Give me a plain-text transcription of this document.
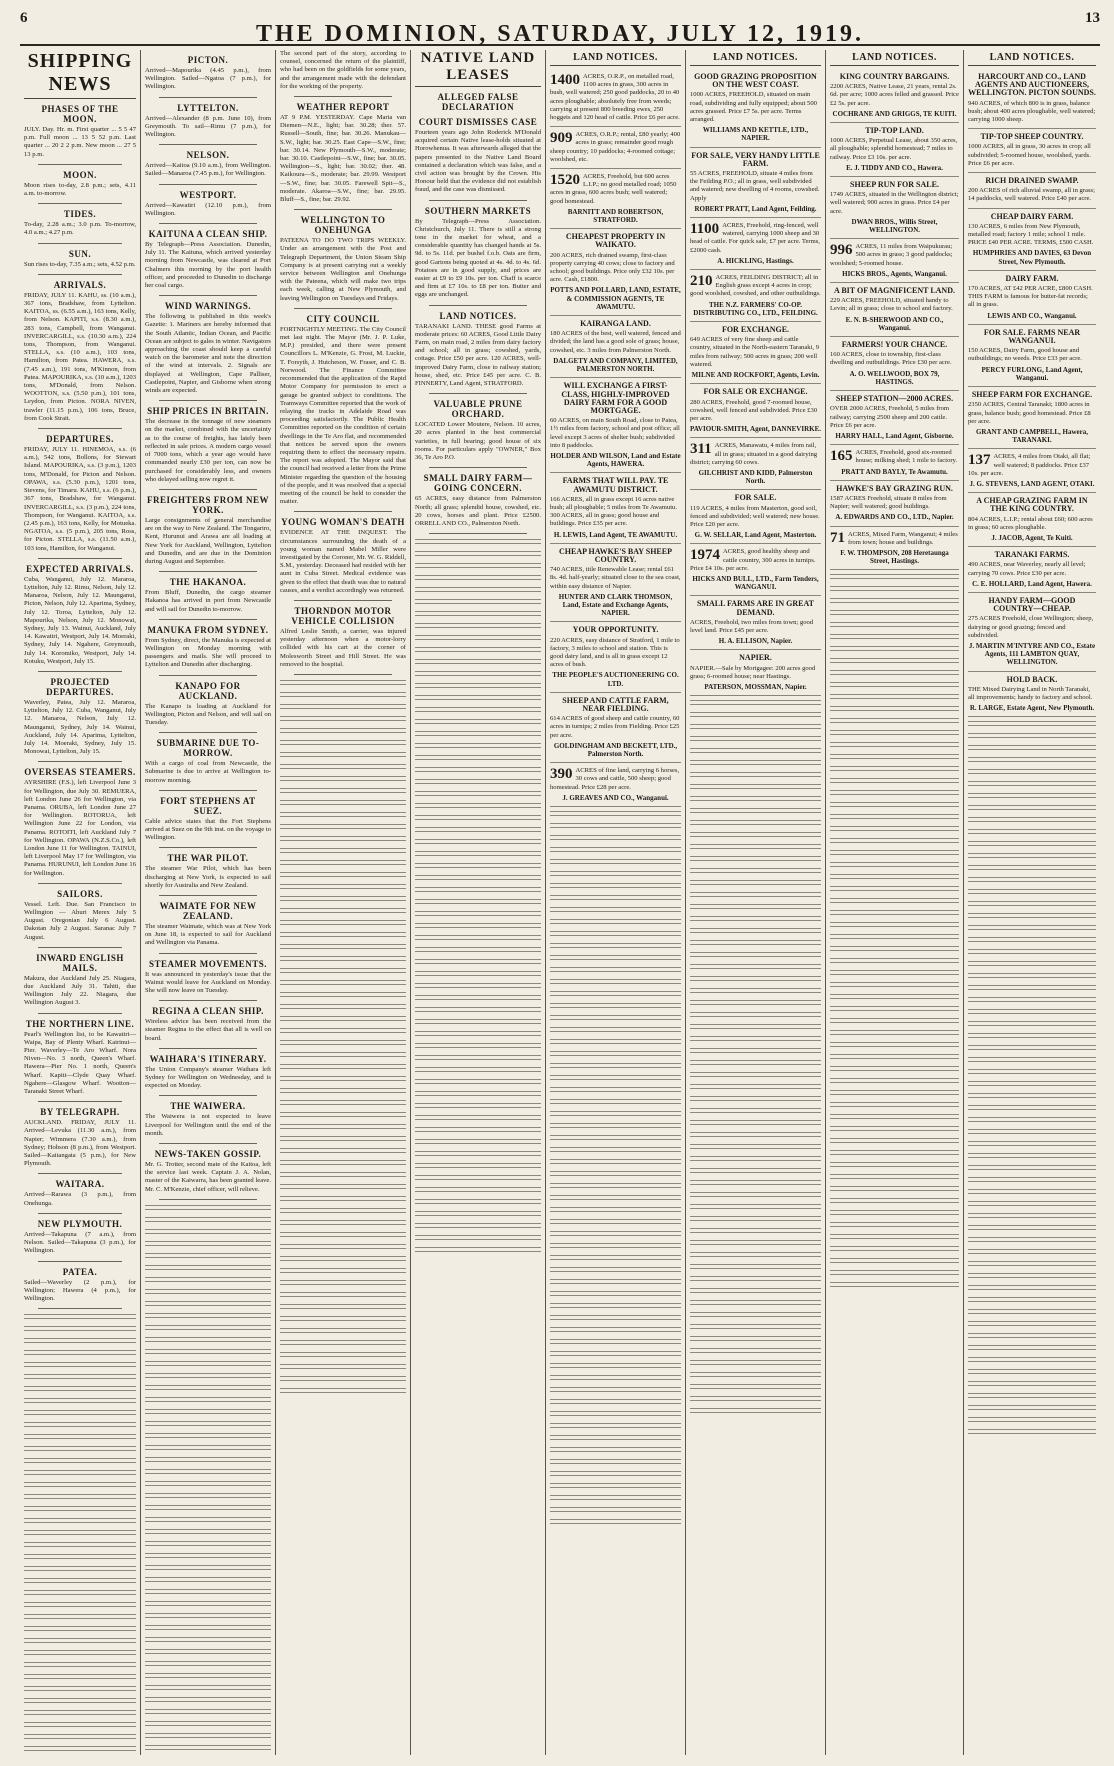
6
THE DOMINION, SATURDAY, JULY 12, 1919.
13
SHIPPING NEWS
PHASES OF THE MOON.

JULY. Day. Hr. m. First quarter ... 5 5 47 p.m. Full moon ... 13 5 52 p.m. Last quarter ... 20 2 2 p.m. New moon ... 27 5 13 p.m.

MOON.

Moon rises to-day, 2.8 p.m.; sets, 4.11 a.m. to-morrow.

TIDES.

To-day, 2.28 a.m.; 3.0 p.m. To-morrow, 4.0 a.m.; 4.27 p.m.

SUN.

Sun rises to-day, 7.35 a.m.; sets, 4.52 p.m.

ARRIVALS.

FRIDAY, JULY 11. KAHU, ss. (10 a.m.), 367 tons, Bradshaw, from Lyttelton. KAITOA, ss. (6.55 a.m.), 163 tons, Kelly, from Nelson. KAPITI, s.s. (8.30 a.m.), 283 tons, Campbell, from Wanganui. INVERCARGILL, s.s. (10.30 a.m.), 224 tons, Thompson, from Wanganui. STELLA, s.s. (10 a.m.), 103 tons, Hamilton, from Patea. HAWERA, s.s. (7.45 a.m.), 191 tons, M'Kinnon, from Patea. MAPOURIKA, s.s. (10 a.m.), 1203 tons, M'Donald, from Nelson. WOOTTON, s.s. (5.50 p.m.), 101 tons, Leydon, from Picton. NORA NIVEN, trawler (11.15 p.m.), 106 tons, Bruce, from Cook Strait.

DEPARTURES.

FRIDAY, JULY 11. HINEMOA, s.s. (6 a.m.), 542 tons, Bollons, for Stewart Island. MAPOURIKA, s.s. (3 p.m.), 1203 tons, M'Donald, for Picton and Nelson. OPAWA, s.s. (5.30 p.m.), 1201 tons, Stevens, for Timaru. KAHU, s.s. (6 p.m.), 367 tons, Bradshaw, for Wanganui. INVERCARGILL, s.s. (3 p.m.), 224 tons, Thompson, for Wanganui. KAITOA, s.s. (2.45 p.m.), 163 tons, Kelly, for Motueka. NGATOA, s.s. (5 p.m.), 205 tons, Ross, for Picton. STELLA, s.s. (11.50 a.m.), 103 tons, Hamilton, for Wanganui.

EXPECTED ARRIVALS.

Cuba, Wanganui, July 12. Mararoa, Lyttelton, July 12. Rimu, Nelson, July 12. Manaroa, Nelson, July 12. Maunganui, Picton, Nelson, July 12. Aparima, Sydney, July 12. Toroa, Lyttelton, July 12. Mapourika, Nelson, July 12. Monowai, Sydney, July 13. Wainui, Auckland, July 14. Kawatiri, Westport, July 14. Moeraki, Sydney, July 14. Ngahere, Greymouth, July 14. Koromiko, Westport, July 14. Kotuku, Westport, July 15.

PROJECTED DEPARTURES.

Waverley, Patea, July 12. Mararoa, Lyttelton, July 12. Cuba, Wanganui, July 12. Manaroa, Nelson, July 12. Maunganui, Sydney, July 14. Wainui, Auckland, July 14. Aparima, Lyttelton, July 14. Moeraki, Sydney, July 15. Monowai, Lyttelton, July 15.

OVERSEAS STEAMERS.

AYRSHIRE (F.S.), left Liverpool June 3 for Wellington, due July 30. REMUERA, left London June 26 for Wellington, via Panama. ORUBA, left London June 27 for Wellington. ROTORUA, left Wellington June 22 for London, via Panama. ROTOITI, left Auckland July 7 for Wellington. OPAWA (N.Z.S.Co.), left London June 11 for Wellington. TAINUI, left Liverpool May 17 for Wellington, via Panama. HURUNUI, left London June 16 for Wellington.

SAILORS.

Vessel. Left. Due. San Francisco to Wellington — Ahuri Merex July 5 August. Oregonian July 6 August. Dakotan July 2 August. Saranac July 7 August.

INWARD ENGLISH MAILS.

Makura, due Auckland July 25. Niagara, due Auckland July 31. Tahiti, due Wellington July 22. Niagara, due Wellington August 3.

THE NORTHERN LINE.

Pearl's Wellington list, to be Kawatiri—Waipa, Bay of Plenty Wharf. Kairinui—Pier. Waverley—Te Aro Wharf. Nora Niven—No. 3 north, Queen's Wharf. Hawera—Pier No. 1 north, Queen's Wharf. Kapiti—Clyde Quay Wharf. Ngahere—Glasgow Wharf. Wootton—Taranaki Street Wharf.

BY TELEGRAPH.

AUCKLAND. FRIDAY, JULY 11. Arrived—Levuka (11.30 a.m.), from Napier; Wimmera (7.30 a.m.), from Sydney; Hobson (8 p.m.), from Westport. Sailed—Kaitangata (5 p.m.), for New Plymouth.

WAITARA.

Arrived—Rarawa (3 p.m.), from Onehunga.

NEW PLYMOUTH.

Arrived—Takapuna (7 a.m.), from Nelson. Sailed—Takapuna (3 p.m.), for Wellington.

PATEA.

Sailed—Waverley (2 p.m.), for Wellington; Hawera (4 p.m.), for Wellington.

PICTON.

Arrived—Mapourika (4.45 p.m.), from Wellington. Sailed—Ngatoa (7 p.m.), for Wellington.

LYTTELTON.

Arrived—Alexander (8 p.m. June 10), from Greymouth. To sail—Rimu (7 p.m.), for Wellington.

NELSON.

Arrived—Kaitoa (9.10 a.m.), from Wellington. Sailed—Manaroa (7.45 p.m.), for Wellington.

WESTPORT.

Arrived—Kawatiri (12.10 p.m.), from Wellington.

KAITUNA A CLEAN SHIP.

By Telegraph—Press Association. Dunedin, July 11. The Kaituna, which arrived yesterday morning from Newcastle, was cleared at Port Chalmers this morning by the port health officer, and proceeded to Dunedin to discharge her coal cargo.

WIND WARNINGS.

The following is published in this week's Gazette: 1. Mariners are hereby informed that the South Atlantic, Indian Ocean, and Pacific Ocean are subject to gales in winter. Navigators approaching the coast should keep a careful watch on the barometer and note the direction of the wind at intervals. 2. Signals are displayed at Wellington, Cape Palliser, Castlepoint, Napier, and Gisborne when strong winds are expected.

SHIP PRICES IN BRITAIN.

The decrease in the tonnage of new steamers on the market, combined with the uncertainty as to the course of freights, has lately been reflected in sale prices. A modern cargo vessel of 7000 tons, which a year ago would have commanded nearly £30 per ton, can now be purchased for considerably less, and owners who delayed selling now regret it.

FREIGHTERS FROM NEW YORK.

Large consignments of general merchandise are on the way to New Zealand. The Tongariro, Kent, Hurunui and Arawa are all loading at New York for Auckland, Wellington, Lyttelton and Dunedin, and are due in the Dominion during August and September.

THE HAKANOA.

From Bluff, Dunedin, the cargo steamer Hakanoa has arrived in port from Newcastle and will sail for Dunedin to-morrow.

MANUKA FROM SYDNEY.

From Sydney, direct, the Manuka is expected at Wellington on Monday morning with passengers and mails. She will proceed to Lyttelton and Dunedin after discharging.

KANAPO FOR AUCKLAND.

The Kanapo is loading at Auckland for Wellington, Picton and Nelson, and will sail on Tuesday.

SUBMARINE DUE TO-MORROW.

With a cargo of coal from Newcastle, the Submarine is due to arrive at Wellington to-morrow morning.

FORT STEPHENS AT SUEZ.

Cable advice states that the Fort Stephens arrived at Suez on the 9th inst. on the voyage to Wellington.

THE WAR PILOT.

The steamer War Pilot, which has been discharging at New York, is expected to sail shortly for Australia and New Zealand.

WAIMATE FOR NEW ZEALAND.

The steamer Waimate, which was at New York on June 18, is expected to sail for Auckland and Wellington via Panama.

STEAMER MOVEMENTS.

It was announced in yesterday's issue that the Wainui would leave for Auckland on Monday. She will now leave on Tuesday.

REGINA A CLEAN SHIP.

Wireless advice has been received from the steamer Regina to the effect that all is well on board.

WAIHARA'S ITINERARY.

The Union Company's steamer Waihara left Sydney for Wellington on Wednesday, and is expected on Monday.

THE WAIWERA.

The Waiwera is not expected to leave Liverpool for Wellington until the end of the month.

NEWS-TAKEN GOSSIP.

Mr. G. Trotter, second mate of the Kaitoa, left the service last week. Captain J. A. Nolan, master of the Kaiwarra, has been granted leave. Mr. C. M'Kenzie, chief officer, will relieve.

The second part of the story, according to counsel, concerned the return of the plaintiff, who had been on the goldfields for some years, and the arrangement made with the defendant for the working of the property.

WEATHER REPORT

AT 9 P.M. YESTERDAY. Cape Maria van Diemen—N.E., light; bar. 30.28; ther. 57. Russell—South, fine; bar. 30.26. Manukau—S.W., light; bar. 30.25. East Cape—S.W., fine; bar. 30.14. New Plymouth—S.W., moderate; bar. 30.10. Castlepoint—S.W., fine; bar. 30.05. Wellington—S., light; bar. 30.02; ther. 48. Kaikoura—S., moderate; bar. 29.99. Westport—S.W., fine; bar. 30.05. Farewell Spit—S., moderate. Akaroa—S.W., fine; bar. 29.95. Bluff—S., fine; bar. 29.92.

WELLINGTON TO ONEHUNGA

PATEENA TO DO TWO TRIPS WEEKLY. Under an arrangement with the Post and Telegraph Department, the Union Steam Ship Company is at present carrying out a weekly service between Wellington and Onehunga with the Pateena, which will make two trips each week, calling at New Plymouth, and leaving Wellington on Tuesdays and Fridays.

CITY COUNCIL

FORTNIGHTLY MEETING. The City Council met last night. The Mayor (Mr. J. P. Luke, M.P.) presided, and there were present Councillors L. M'Kenzie, G. Frost, M. Luckie, T. Forsyth, J. Hutcheson, W. Fraser, and C. B. Norwood. The Finance Committee recommended that the application of the Rapid Motor Company for permission to erect a garage be granted subject to conditions. The Tramways Committee reported that the work of relaying the tracks in Adelaide Road was proceeding satisfactorily. The Public Health Committee reported on the condition of certain dwellings in the Te Aro flat, and recommended that notices be served upon the owners requiring them to effect the necessary repairs. The report was adopted. The Mayor said that the council had received a letter from the Prime Minister regarding the question of the housing of the people, and it was resolved that a special meeting of the council be held to consider the matter.

YOUNG WOMAN'S DEATH

EVIDENCE AT THE INQUEST. The circumstances surrounding the death of a young woman named Mabel Miller were investigated by the Coroner, Mr. W. G. Riddell, S.M., yesterday. Deceased had resided with her aunt in Cuba Street. Medical evidence was given to the effect that death was due to natural causes, and a verdict accordingly was returned.

THORNDON MOTOR VEHICLE COLLISION

Alfred Leslie Smith, a carrier, was injured yesterday afternoon when a motor-lorry collided with his cart at the corner of Molesworth Street and Hill Street. He was removed to the hospital.

NATIVE LAND LEASES
ALLEGED FALSE DECLARATION
COURT DISMISSES CASE

Fourteen years ago John Roderick M'Donald acquired certain Native lease-holds situated at Horowhenua. It was afterwards alleged that the papers presented to the Native Land Board contained a declaration which was false, and a civil action was brought by the Crown. His Honour held that the evidence did not establish fraud, and the case was dismissed.

SOUTHERN MARKETS

By Telegraph—Press Association. Christchurch, July 11. There is still a strong tone in the market for wheat, and a considerable quantity has changed hands at 5s. 9d. to 5s. 11d. per bushel f.o.b. Oats are firm, good Gartons being quoted at 4s. 4d. to 4s. 6d. Potatoes are in good supply, and prices are easier at £9 to £9 10s. per ton. Chaff is scarce and firm at £7 10s. to £8 per ton. Butter and eggs are unchanged.

LAND NOTICES.

TARANAKI LAND. THESE good Farms at moderate prices: 60 ACRES, Good Little Dairy Farm, on main road, 2 miles from dairy factory and school; all in grass; cowshed, yards, cottage. Price £50 per acre. 120 ACRES, well-improved Dairy Farm, close to railway station; house, shed, etc. Price £45 per acre. C. B. FINNERTY, Land Agent, STRATFORD.

VALUABLE PRUNE ORCHARD.

LOCATED Lower Moutere, Nelson. 10 acres, 20 acres planted in the best commercial varieties, in full bearing; good house of six rooms. For particulars apply "OWNER," Box 36, Te Aro P.O.

SMALL DAIRY FARM—GOING CONCERN.

65 ACRES, easy distance from Palmerston North; all grass; splendid house, cowshed, etc. 20 cows, horses and plant. Price £2500. ORRELL AND CO., Palmerston North.

LAND NOTICES.
1400 ACRES, O.R.P., on metalled road, 1100 acres in grass, 300 acres in bush, well watered; 250 good paddocks, 20 to 40 acres ploughable; absolutely free from weeds; carrying at present 800 breeding ewes, 250 hoggets and 120 head of cattle. Price £6 per acre.
909 ACRES, O.R.P.; rental, £80 yearly; 400 acres in grass; remainder good rough sheep country; 10 paddocks; 4-roomed cottage; woolshed, etc.
1520 ACRES, Freehold, but 600 acres L.I.P.; no good metalled road; 1050 acres in grass, 600 acres bush; well watered; good homestead.
BARNITT AND ROBERTSON, STRATFORD.
CHEAPEST PROPERTY IN WAIKATO.
200 ACRES, rich drained swamp, first-class property carrying 40 cows; close to factory and school; good buildings. Price only £32 10s. per acre. Cash, £1800.
POTTS AND POLLARD, LAND, ESTATE, & COMMISSION AGENTS, TE AWAMUTU.
KAIRANGA LAND.
180 ACRES of the best, well watered, fenced and divided; the land has a good sole of grass; house, cowshed, etc. 3 miles from Palmerston North.
DALGETY AND COMPANY, LIMITED, PALMERSTON NORTH.
WILL EXCHANGE A FIRST-CLASS, HIGHLY-IMPROVED DAIRY FARM FOR A GOOD MORTGAGE.
60 ACRES, on main South Road, close to Patea, 1½ miles from factory, school and post office; all level except 3 acres of shelter bush; subdivided into 8 paddocks.
HOLDER AND WILSON, Land and Estate Agents, HAWERA.
FARMS THAT WILL PAY. TE AWAMUTU DISTRICT.
166 ACRES, all in grass except 16 acres native bush; all ploughable; 5 miles from Te Awamutu. 300 ACRES, all in grass; good house and buildings. Price £35 per acre.
H. LEWIS, Land Agent, TE AWAMUTU.
CHEAP HAWKE'S BAY SHEEP COUNTRY.
740 ACRES, title Renewable Lease; rental £61 8s. 4d. half-yearly; situated close to the sea coast, within easy distance of Napier.
HUNTER AND CLARK THOMSON, Land, Estate and Exchange Agents, NAPIER.
YOUR OPPORTUNITY.
220 ACRES, easy distance of Stratford, 1 mile to factory, 3 miles to school and station. This is good dairy land, and is all in grass except 12 acres of bush.
THE PEOPLE'S AUCTIONEERING CO. LTD.
SHEEP AND CATTLE FARM, NEAR FIELDING.
614 ACRES of good sheep and cattle country, 60 acres in turnips; 2 miles from Fielding. Price £25 per acre.
GOLDINGHAM AND BECKETT, LTD., Palmerston North.
390 ACRES of fine land, carrying 6 horses, 30 cows and cattle, 500 sheep; good homestead. Price £28 per acre.
J. GREAVES AND CO., Wanganui.
LAND NOTICES.
GOOD GRAZING PROPOSITION ON THE WEST COAST.
1000 ACRES, FREEHOLD, situated on main road, subdividing and fully equipped; about 500 acres grassed. Price £7 5s. per acre. Terms arranged.
WILLIAMS AND KETTLE, LTD., NAPIER.
FOR SALE, VERY HANDY LITTLE FARM.
55 ACRES, FREEHOLD, situate 4 miles from the Feilding P.O.; all in grass, well subdivided and watered; new dwelling of 4 rooms, cowshed. Apply
ROBERT PRATT, Land Agent, Feilding.
1100 ACRES, Freehold, ring-fenced, well watered, carrying 1000 sheep and 30 head of cattle. For quick sale, £7 per acre. Terms, £2000 cash.
A. HICKLING, Hastings.
210 ACRES, FEILDING DISTRICT; all in English grass except 4 acres in crop; good woolshed, cowshed, and other outbuildings.
THE N.Z. FARMERS' CO-OP. DISTRIBUTING CO., LTD., FEILDING.
FOR EXCHANGE.
649 ACRES of very fine sheep and cattle country, situated in the North-eastern Taranaki, 9 miles from railway; 500 acres in grass; 200 well watered.
MILNE AND ROCKFORT, Agents, Levin.
FOR SALE OR EXCHANGE.
280 ACRES, Freehold, good 7-roomed house, cowshed, well fenced and subdivided. Price £30 per acre.
PAVIOUR-SMITH, Agent, DANNEVIRKE.
311 ACRES, Manawatu, 4 miles from rail, all in grass; situated in a good dairying district; carrying 60 cows.
GILCHRIST AND KIDD, Palmerston North.
FOR SALE.
119 ACRES, 4 miles from Masterton, good soil, fenced and subdivided; well watered; new house. Price £20 per acre.
G. W. SELLAR, Land Agent, Masterton.
1974 ACRES, good healthy sheep and cattle country, 300 acres in turnips. Price £4 10s. per acre.
HICKS AND BULL, LTD., Farm Tenders, WANGANUI.
SMALL FARMS ARE IN GREAT DEMAND.
ACRES, Freehold, two miles from town; good level land. Price £45 per acre.
H. A. ELLISON, Napier.
NAPIER.
NAPIER.—Sale by Mortgagee: 200 acres good grass; 6-roomed house; near Hastings.
PATERSON, MOSSMAN, Napier.
LAND NOTICES.
KING COUNTRY BARGAINS.
2200 ACRES, Native Lease, 21 years, rental 2s. 6d. per acre; 1000 acres felled and grassed. Price £2 5s. per acre.
COCHRANE AND GRIGGS, TE KUITI.
TIP-TOP LAND.
1000 ACRES, Perpetual Lease, about 350 acres, all ploughable; splendid homestead; 7 miles to railway. Price £3 10s. per acre.
E. J. TIDDY AND CO., Hawera.
SHEEP RUN FOR SALE.
1749 ACRES, situated in the Wellington district; well watered; 900 acres in grass. Price £4 per acre.
DWAN BROS., Willis Street, WELLINGTON.
996 ACRES, 11 miles from Waipukurau; 500 acres in grass; 3 good paddocks; woolshed; 5-roomed house.
HICKS BROS., Agents, Wanganui.
A BIT OF MAGNIFICENT LAND.
229 ACRES, FREEHOLD, situated handy to Levin; all in grass; close to school and factory.
E. N. B-SHERWOOD AND CO., Wanganui.
FARMERS! YOUR CHANCE.
160 ACRES, close to township, first-class dwelling and outbuildings. Price £30 per acre.
A. O. WELLWOOD, BOX 79, HASTINGS.
SHEEP STATION—2000 ACRES.
OVER 2000 ACRES, Freehold, 5 miles from railway; carrying 2500 sheep and 200 cattle. Price £6 per acre.
HARRY HALL, Land Agent, Gisborne.
165 ACRES, Freehold, good six-roomed house; milking shed; 1 mile to factory.
PRATT AND BAYLY, Te Awamutu.
HAWKE'S BAY GRAZING RUN.
1587 ACRES Freehold, situate 8 miles from Napier; well watered; good buildings.
A. EDWARDS AND CO., LTD., Napier.
71 ACRES, Mixed Farm, Wanganui; 4 miles from town; house and buildings.
F. W. THOMPSON, 208 Heretaunga Street, Hastings.
LAND NOTICES.
HARCOURT AND CO., LAND AGENTS AND AUCTIONEERS, WELLINGTON. PICTON SOUNDS.
940 ACRES, of which 800 is in grass, balance bush; about 400 acres ploughable, well watered; carrying 1000 sheep.
TIP-TOP SHEEP COUNTRY.
1000 ACRES, all in grass, 30 acres in crop; all subdivided; 5-roomed house, woolshed, yards. Price £6 per acre.
RICH DRAINED SWAMP.
200 ACRES of rich alluvial swamp, all in grass; 14 paddocks, well watered. Price £40 per acre.
CHEAP DAIRY FARM.
130 ACRES, 6 miles from New Plymouth, metalled road; factory 1 mile; school 1 mile. PRICE £40 PER ACRE. TERMS, £500 CASH.
HUMPHRIES AND DAVIES, 63 Devon Street, New Plymouth.
DAIRY FARM.
170 ACRES, AT £42 PER ACRE, £800 CASH. THIS FARM is famous for butter-fat records; all in grass.
LEWIS AND CO., Wanganui.
FOR SALE. FARMS NEAR WANGANUI.
150 ACRES, Dairy Farm, good house and outbuildings; no weeds. Price £33 per acre.
PERCY FURLONG, Land Agent, Wanganui.
SHEEP FARM FOR EXCHANGE.
2350 ACRES, Central Taranaki; 1800 acres in grass, balance bush; good homestead. Price £8 per acre.
GRANT AND CAMPBELL, Hawera, TARANAKI.
137 ACRES, 4 miles from Otaki, all flat; well watered; 8 paddocks. Price £37 10s. per acre.
J. G. STEVENS, LAND AGENT, OTAKI.
A CHEAP GRAZING FARM IN THE KING COUNTRY.
804 ACRES, L.I.P.; rental about £60; 600 acres in grass; 60 acres ploughable.
J. JACOB, Agent, Te Kuiti.
TARANAKI FARMS.
490 ACRES, near Waverley, nearly all level; carrying 70 cows. Price £30 per acre.
C. E. HOLLARD, Land Agent, Hawera.
HANDY FARM—GOOD COUNTRY—CHEAP.
275 ACRES Freehold, close Wellington; sheep, dairying or good grazing; fenced and subdivided.
J. MARTIN M'INTYRE AND CO., Estate Agents, 111 LAMBTON QUAY, WELLINGTON.
HOLD BACK.
THE Mixed Dairying Land in North Taranaki, all improvements; handy to factory and school.
R. LARGE, Estate Agent, New Plymouth.
